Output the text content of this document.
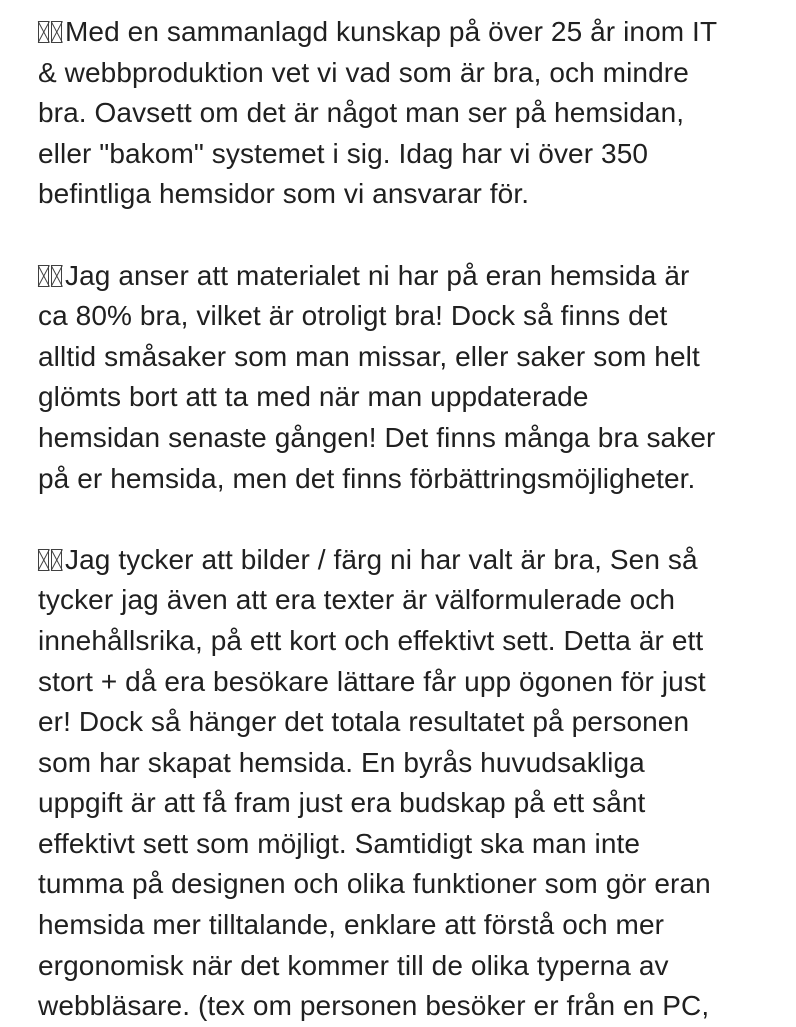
Med en sammanlagd kunskap på över 25 år inom IT
& webbproduktion vet vi vad som är bra, och mindre
bra. Oavsett om det är något man ser på hemsidan,
eller "bakom" systemet i sig. Idag har vi över 350
befintliga hemsidor som vi ansvarar för.

Jag anser att materialet ni har på eran hemsida är
ca 80% bra, vilket är otroligt bra! Dock så finns det
alltid småsaker som man missar, eller saker som helt
glömts bort att ta med när man uppdaterade
hemsidan senaste gången! Det finns många bra saker
på er hemsida, men det finns förbättringsmöjligheter.

Jag tycker att bilder / färg ni har valt är bra, Sen så
tycker jag även att era texter är välformulerade och
innehållsrika, på ett kort och effektivt sett. Detta är ett
stort + då era besökare lättare får upp ögonen för just
er! Dock så hänger det totala resultatet på personen
som har skapat hemsida. En byrås huvudsakliga
uppgift är att få fram just era budskap på ett sånt
effektivt sett som möjligt. Samtidigt ska man inte
tumma på designen och olika funktioner som gör eran
hemsida mer tilltalande, enklare att förstå och mer
ergonomisk när det kommer till de olika typerna av
webbläsare. (tex om personen besöker er från en PC,
